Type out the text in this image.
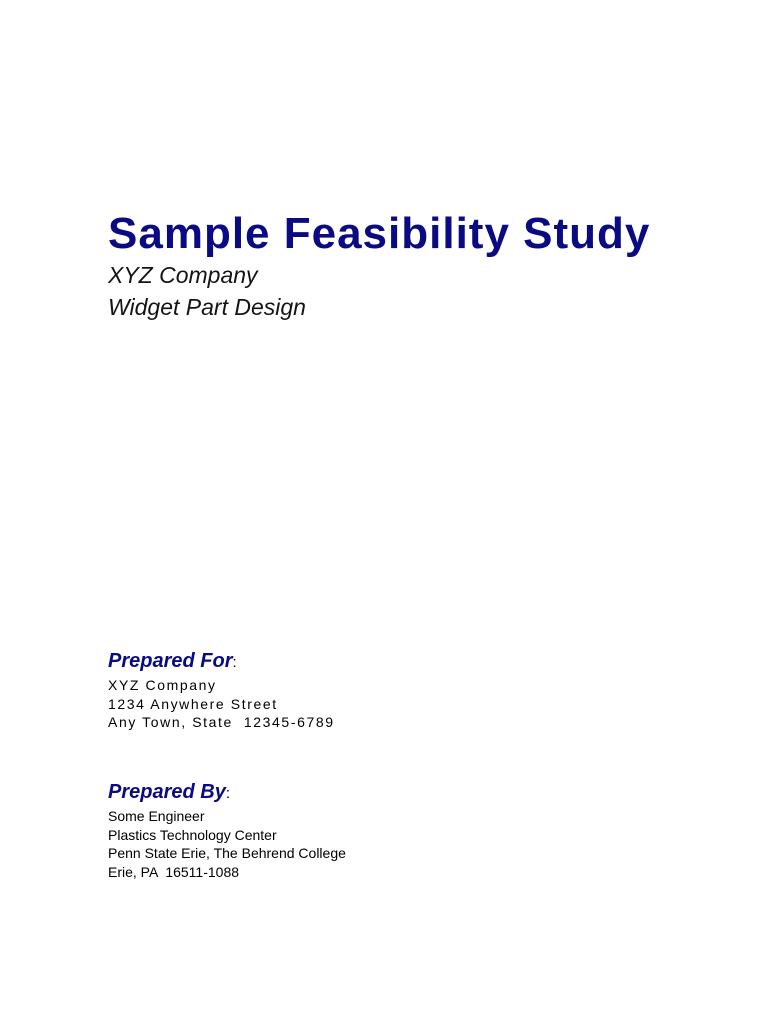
Sample Feasibility Study

XYZ Company

Widget Part Design

Prepared For:
XYZ Company
1234 Anywhere Street
Any Town, State  12345-6789
Prepared By:
Some Engineer
Plastics Technology Center
Penn State Erie, The Behrend College
Erie, PA  16511-1088
